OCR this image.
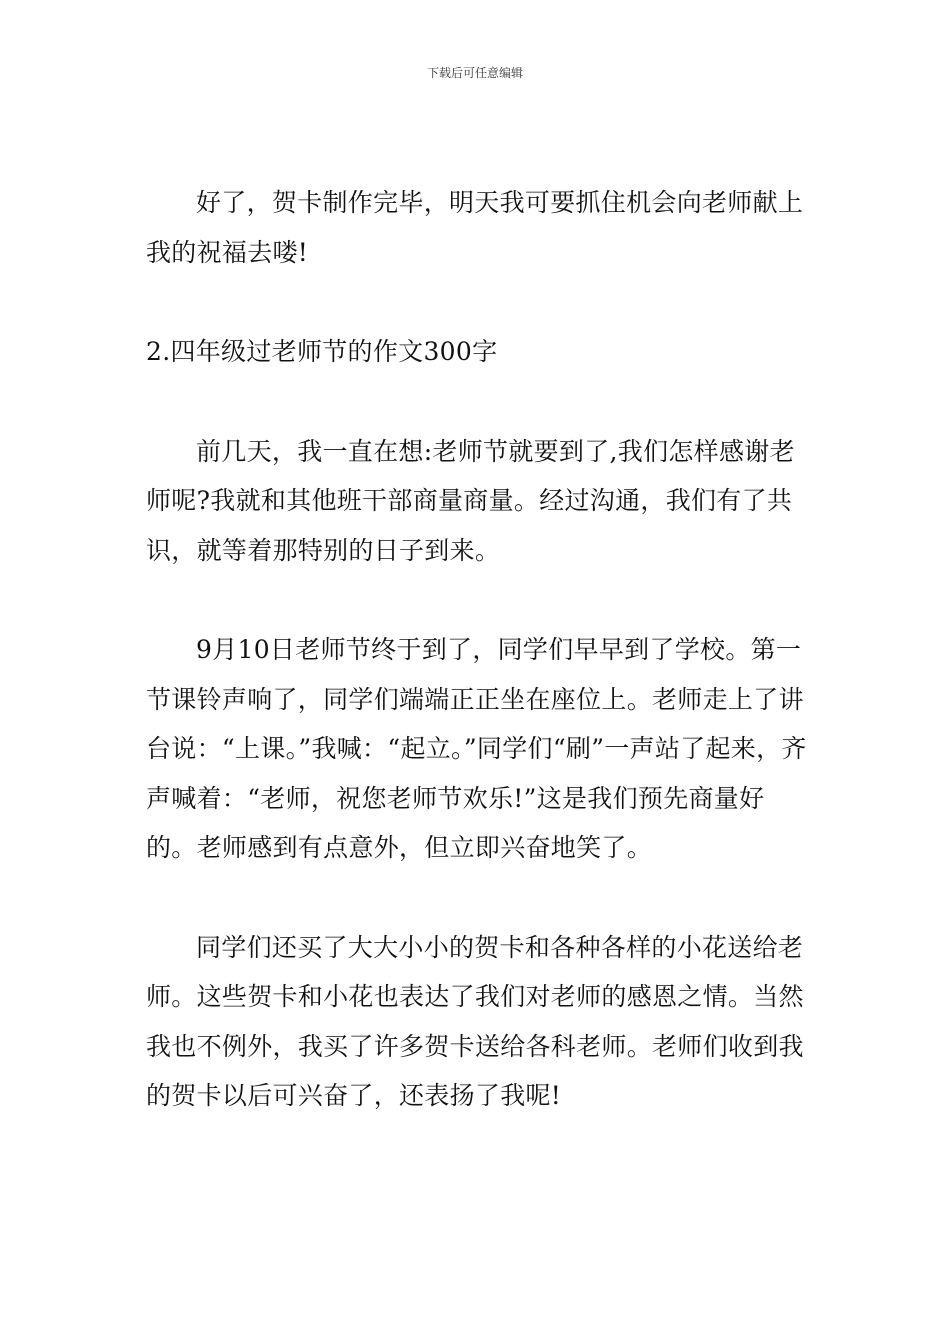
下载后可任意编辑

好了，贺卡制作完毕，明天我可要抓住机会向老师献上我的祝福去喽!

2.四年级过老师节的作文300字

前几天，我一直在想:老师节就要到了,我们怎样感谢老师呢?我就和其他班干部商量商量。经过沟通，我们有了共识，就等着那特别的日子到来。

9月10日老师节终于到了，同学们早早到了学校。第一节课铃声响了，同学们端端正正坐在座位上。老师走上了讲台说：“上课。”我喊：“起立。”同学们“刷”一声站了起来，齐声喊着：“老师，祝您老师节欢乐!”这是我们预先商量好的。老师感到有点意外，但立即兴奋地笑了。

同学们还买了大大小小的贺卡和各种各样的小花送给老师。这些贺卡和小花也表达了我们对老师的感恩之情。当然我也不例外，我买了许多贺卡送给各科老师。老师们收到我的贺卡以后可兴奋了，还表扬了我呢!
